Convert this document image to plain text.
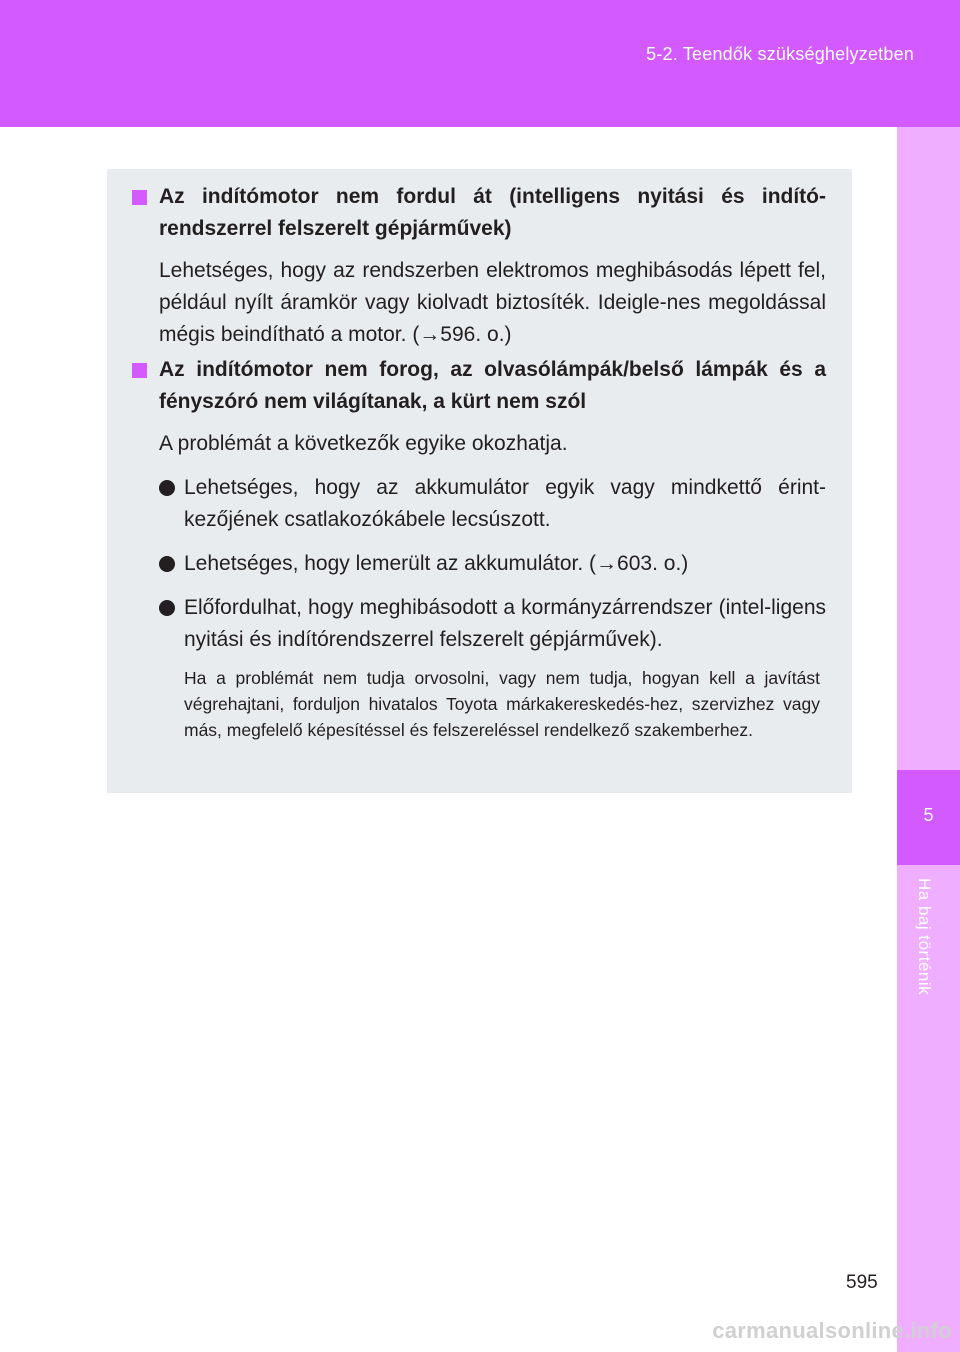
5-2. Teendők szükséghelyzetben
5
Ha baj történik
Az indítómotor nem fordul át (intelligens nyitási és indító-rendszerrel felszerelt gépjárművek)
Lehetséges, hogy az rendszerben elektromos meghibásodás lépett fel, például nyílt áramkör vagy kiolvadt biztosíték. Ideigle-nes megoldással mégis beindítható a motor. (→596. o.)
Az indítómotor nem forog, az olvasólámpák/belső lámpák és a fényszóró nem világítanak, a kürt nem szól
A problémát a következők egyike okozhatja.
Lehetséges, hogy az akkumulátor egyik vagy mindkettő érint-kezőjének csatlakozókábele lecsúszott.
Lehetséges, hogy lemerült az akkumulátor. (→603. o.)
Előfordulhat, hogy meghibásodott a kormányzárrendszer (intel-ligens nyitási és indítórendszerrel felszerelt gépjárművek).
Ha a problémát nem tudja orvosolni, vagy nem tudja, hogyan kell a javítást végrehajtani, forduljon hivatalos Toyota márkakereskedés-hez, szervizhez vagy más, megfelelő képesítéssel és felszereléssel rendelkező szakemberhez.
595
carmanualsonline.info
